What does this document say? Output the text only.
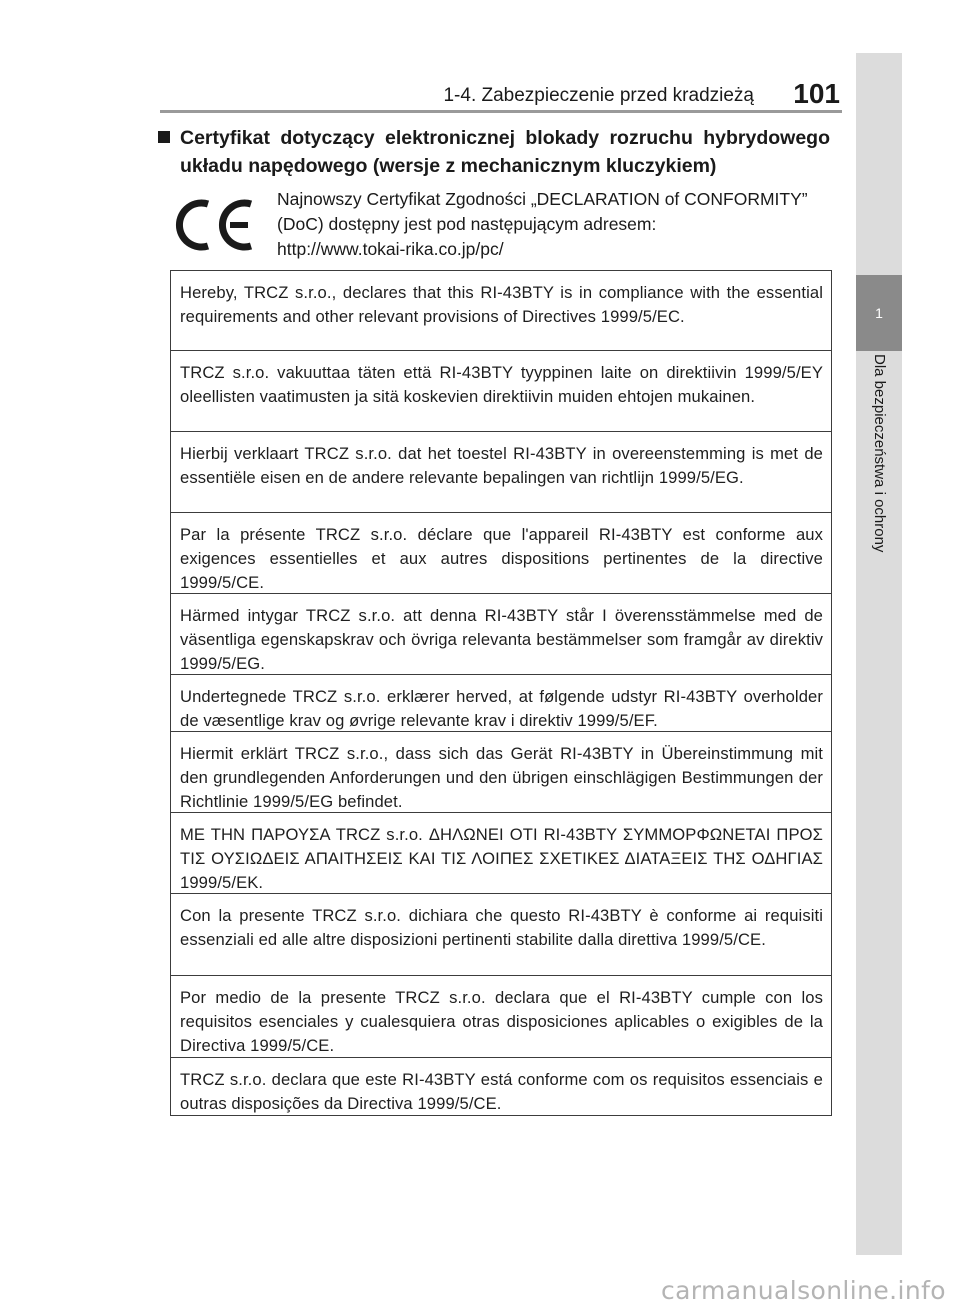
1-4. Zabezpieczenie przed kradzieżą 101
1
Dla bezpieczeństwa i ochrony
Certyfikat dotyczący elektronicznej blokady rozruchu hybrydowego
układu napędowego (wersje z mechanicznym kluczykiem)
Najnowszy Certyfikat Zgodności „DECLARATION of CONFORMITY”
(DoC) dostępny jest pod następującym adresem:
http://www.tokai-rika.co.jp/pc/
Hereby, TRCZ s.r.o., declares that this RI-43BTY is in compliance with the essential requirements and other relevant provisions of Directives 1999/5/EC.
TRCZ s.r.o. vakuuttaa täten että RI-43BTY tyyppinen laite on direktiivin 1999/5/EY oleellisten vaatimusten ja sitä koskevien direktiivin muiden ehtojen mukainen.
Hierbij verklaart TRCZ s.r.o. dat het toestel RI-43BTY in overeenstemming is met de essentiële eisen en de andere relevante bepalingen van richtlijn 1999/5/EG.
Par la présente TRCZ s.r.o. déclare que l'appareil RI-43BTY est conforme aux exigences essentielles et aux autres dispositions pertinentes de la directive 1999/5/CE.
Härmed intygar TRCZ s.r.o. att denna RI-43BTY står I överensstämmelse med de väsentliga egenskapskrav och övriga relevanta bestämmelser som framgår av direktiv 1999/5/EG.
Undertegnede TRCZ s.r.o. erklærer herved, at følgende udstyr RI-43BTY overholder de væsentlige krav og øvrige relevante krav i direktiv 1999/5/EF.
Hiermit erklärt TRCZ s.r.o., dass sich das Gerät RI-43BTY in Übereinstimmung mit den grundlegenden Anforderungen und den übrigen einschlägigen Bestimmungen der Richtlinie 1999/5/EG befindet.
ΜΕ ΤΗΝ ΠΑΡΟΥΣΑ TRCZ s.r.o. ΔΗΛΩΝΕΙ ΟΤΙ RI-43BTY ΣΥΜΜΟΡΦΩΝΕΤΑΙ ΠΡΟΣ ΤΙΣ ΟΥΣΙΩΔΕΙΣ ΑΠΑΙΤΗΣΕΙΣ ΚΑΙ ΤΙΣ ΛΟΙΠΕΣ ΣΧΕΤΙΚΕΣ ΔΙΑΤΑΞΕΙΣ ΤΗΣ ΟΔΗΓΙΑΣ 1999/5/ΕΚ.
Con la presente TRCZ s.r.o. dichiara che questo RI-43BTY è conforme ai requisiti essenziali ed alle altre disposizioni pertinenti stabilite dalla direttiva 1999/5/CE.
Por medio de la presente TRCZ s.r.o. declara que el RI-43BTY cumple con los requisitos esenciales y cualesquiera otras disposiciones aplicables o exigibles de la Directiva 1999/5/CE.
TRCZ s.r.o. declara que este RI-43BTY está conforme com os requisitos essenciais e outras disposições da Directiva 1999/5/CE.
carmanualsonline.info
